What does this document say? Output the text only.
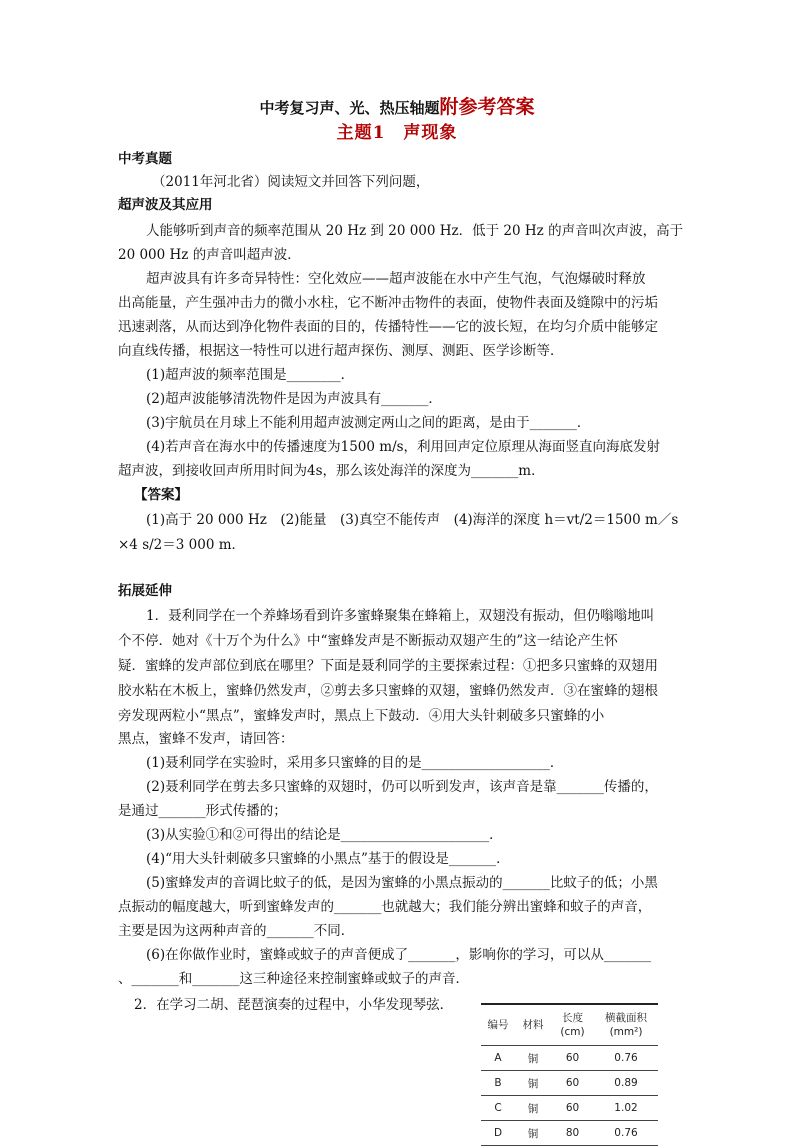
中考复习声、光、热压轴题附参考答案
主题1　声现象
中考真题
（2011年河北省）阅读短文并回答下列问题，
超声波及其应用
人能够听到声音的频率范围从 20 Hz 到 20 000 Hz．低于 20 Hz 的声音叫次声波，高于
20 000 Hz 的声音叫超声波．
超声波具有许多奇异特性：空化效应——超声波能在水中产生气泡，气泡爆破时释放
出高能量，产生强冲击力的微小水柱，它不断冲击物件的表面，使物件表面及缝隙中的污垢
迅速剥落，从而达到净化物件表面的目的，传播特性——它的波长短，在均匀介质中能够定
向直线传播，根据这一特性可以进行超声探伤、测厚、测距、医学诊断等．
(1)超声波的频率范围是________．
(2)超声波能够清洗物件是因为声波具有_______．
(3)宇航员在月球上不能利用超声波测定两山之间的距离，是由于_______．
(4)若声音在海水中的传播速度为1500 m/s，利用回声定位原理从海面竖直向海底发射
超声波，到接收回声所用时间为4s，那么该处海洋的深度为_______m．
【答案】
(1)高于 20 000 Hz　(2)能量　(3)真空不能传声　(4)海洋的深度 h＝vt/2＝1500 m／s
×4 s/2＝3 000 m．
拓展延伸
1．聂利同学在一个养蜂场看到许多蜜蜂聚集在蜂箱上，双翅没有振动，但仍嗡嗡地叫
个不停．她对《十万个为什么》中“蜜蜂发声是不断振动双翅产生的”这一结论产生怀
疑．蜜蜂的发声部位到底在哪里？下面是聂利同学的主要探索过程：①把多只蜜蜂的双翅用
胶水粘在木板上，蜜蜂仍然发声，②剪去多只蜜蜂的双翅，蜜蜂仍然发声．③在蜜蜂的翅根
旁发现两粒小“黑点”，蜜蜂发声时，黑点上下鼓动．④用大头针刺破多只蜜蜂的小
黑点，蜜蜂不发声，请回答：
(1)聂利同学在实验时，采用多只蜜蜂的目的是___________________．
(2)聂利同学在剪去多只蜜蜂的双翅时，仍可以听到发声，该声音是靠_______传播的，
是通过_______形式传播的；
(3)从实验①和②可得出的结论是______________________．
(4)“用大头针刺破多只蜜蜂的小黑点”基于的假设是_______．
(5)蜜蜂发声的音调比蚊子的低，是因为蜜蜂的小黑点振动的_______比蚊子的低；小黑
点振动的幅度越大，听到蜜蜂发声的_______也就越大；我们能分辨出蜜蜂和蚊子的声音，
主要是因为这两种声音的_______不同．
(6)在你做作业时，蜜蜂或蚊子的声音便成了_______，影响你的学习，可以从_______
、_______和_______这三种途径来控制蜜蜂或蚊子的声音．
2．在学习二胡、琵琶演奏的过程中，小华发现琴弦．
编号	材料	长度 (cm)	横截面积 (mm²)
A	铜	60	0.76
B	铜	60	0.89
C	铜	60	1.02
D	铜	80	0.76
